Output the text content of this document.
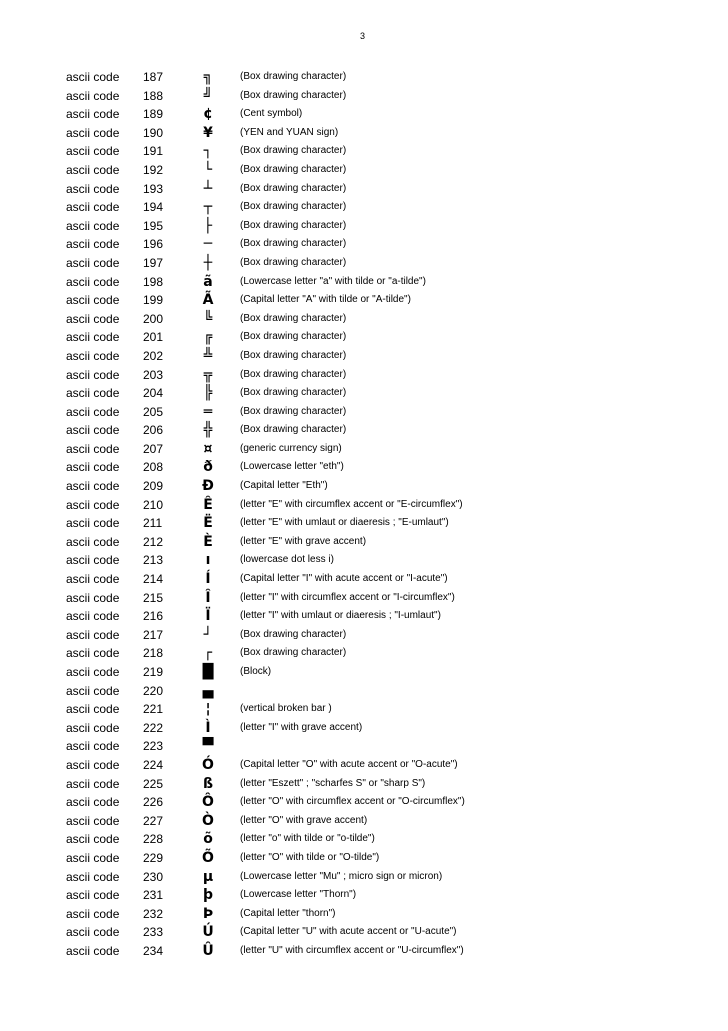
3
ascii code 187	╗	(Box drawing character)
ascii code 188	╝	(Box drawing character)
ascii code 189	¢	(Cent symbol)
ascii code 190	¥	(YEN and YUAN sign)
ascii code 191	┐	(Box drawing character)
ascii code 192	└	(Box drawing character)
ascii code 193	┴	(Box drawing character)
ascii code 194	┬	(Box drawing character)
ascii code 195	├	(Box drawing character)
ascii code 196	─	(Box drawing character)
ascii code 197	┼	(Box drawing character)
ascii code 198	ã	(Lowercase letter "a" with tilde or "a-tilde")
ascii code 199	Ã	(Capital letter "A" with tilde or "A-tilde")
ascii code 200	╚	(Box drawing character)
ascii code 201	╔	(Box drawing character)
ascii code 202	╩	(Box drawing character)
ascii code 203	╦	(Box drawing character)
ascii code 204	╠	(Box drawing character)
ascii code 205	═	(Box drawing character)
ascii code 206	╬	(Box drawing character)
ascii code 207	¤	(generic currency sign)
ascii code 208	ð	(Lowercase letter "eth")
ascii code 209	Ð	(Capital letter "Eth")
ascii code 210	Ê	(letter "E" with circumflex accent or "E-circumflex")
ascii code 211	Ë	(letter "E" with umlaut or diaeresis ; "E-umlaut")
ascii code 212	È	(letter "E" with grave accent)
ascii code 213	ı	(lowercase dot less i)
ascii code 214	Í	(Capital letter "I" with acute accent or "I-acute")
ascii code 215	Î	(letter "I" with circumflex accent or "I-circumflex")
ascii code 216	Ï	(letter "I" with umlaut or diaeresis ; "I-umlaut")
ascii code 217	┘	(Box drawing character)
ascii code 218	┌	(Box drawing character)
ascii code 219	█	(Block)
ascii code 220	▄
ascii code 221	¦	(vertical broken bar )
ascii code 222	Ì	(letter "I" with grave accent)
ascii code 223	▀
ascii code 224	Ó	(Capital letter "O" with acute accent or "O-acute")
ascii code 225	ß	(letter "Eszett" ; "scharfes S" or "sharp S")
ascii code 226	Ô	(letter "O" with circumflex accent or "O-circumflex")
ascii code 227	Ò	(letter "O" with grave accent)
ascii code 228	õ	(letter "o" with tilde or "o-tilde")
ascii code 229	Õ	(letter "O" with tilde or "O-tilde")
ascii code 230	µ	(Lowercase letter "Mu" ; micro sign or micron)
ascii code 231	þ	(Lowercase letter "Thorn")
ascii code 232	Þ	(Capital letter "thorn")
ascii code 233	Ú	(Capital letter "U" with acute accent or "U-acute")
ascii code 234	Û	(letter "U" with circumflex accent or "U-circumflex")
